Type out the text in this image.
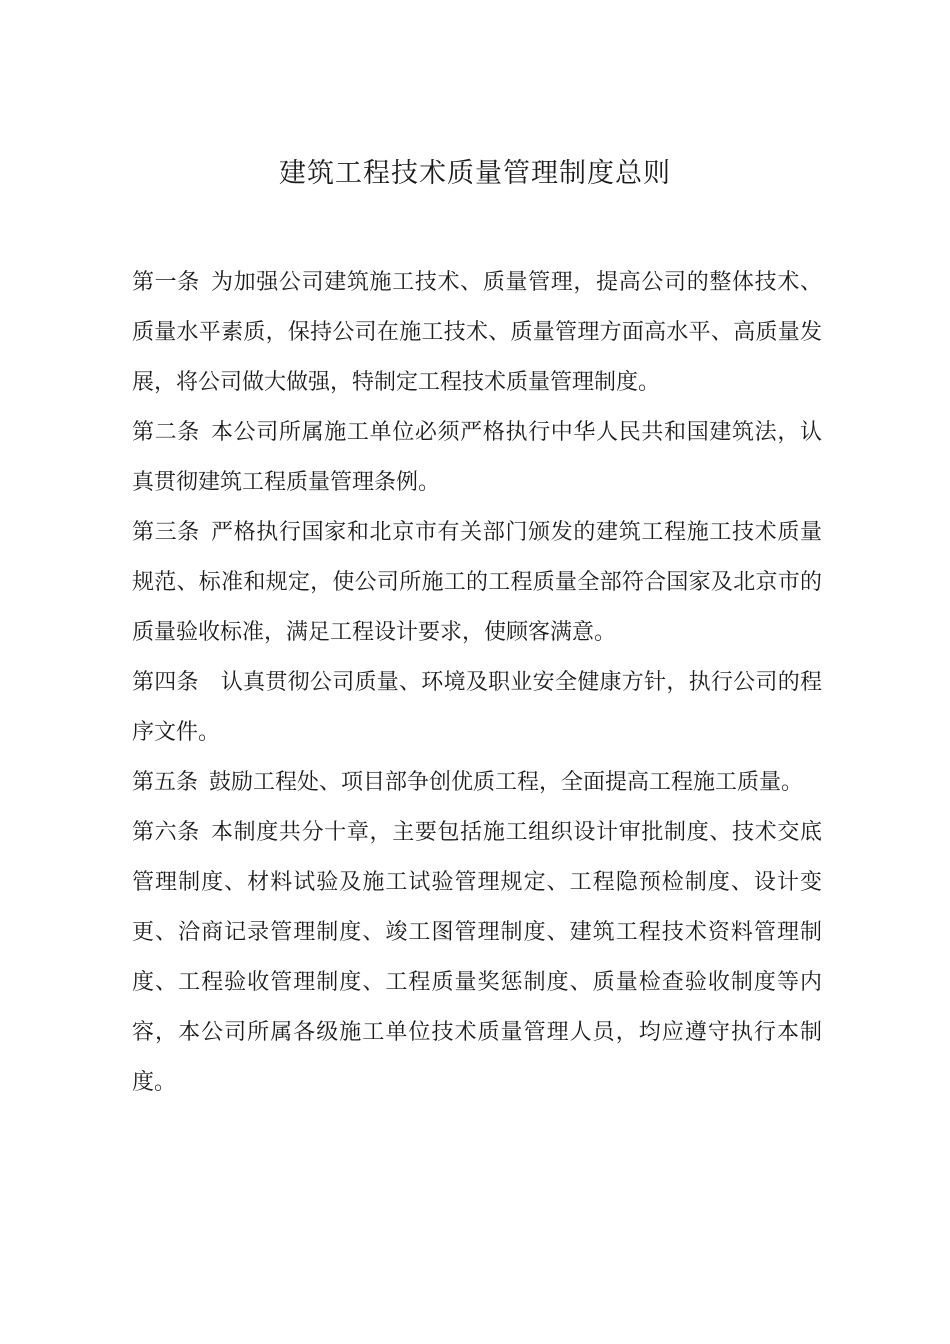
建筑工程技术质量管理制度总则

第一条 为加强公司建筑施工技术、质量管理，提高公司的整体技术、质量水平素质，保持公司在施工技术、质量管理方面高水平、高质量发展，将公司做大做强，特制定工程技术质量管理制度。

第二条 本公司所属施工单位必须严格执行中华人民共和国建筑法，认真贯彻建筑工程质量管理条例。

第三条 严格执行国家和北京市有关部门颁发的建筑工程施工技术质量规范、标准和规定，使公司所施工的工程质量全部符合国家及北京市的质量验收标准，满足工程设计要求，使顾客满意。

第四条 认真贯彻公司质量、环境及职业安全健康方针，执行公司的程序文件。

第五条 鼓励工程处、项目部争创优质工程，全面提高工程施工质量。

第六条 本制度共分十章，主要包括施工组织设计审批制度、技术交底管理制度、材料试验及施工试验管理规定、工程隐预检制度、设计变更、洽商记录管理制度、竣工图管理制度、建筑工程技术资料管理制度、工程验收管理制度、工程质量奖惩制度、质量检查验收制度等内容，本公司所属各级施工单位技术质量管理人员，均应遵守执行本制度。
